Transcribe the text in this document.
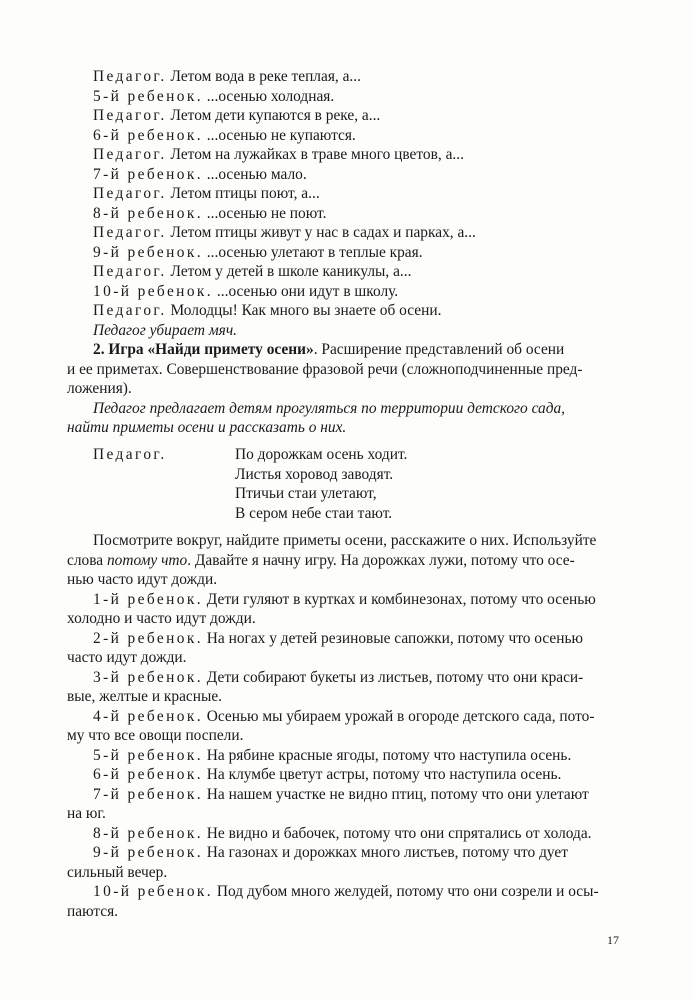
Педагог. Летом вода в реке теплая, а...
5-й ребенок. ...осенью холодная.
Педагог. Летом дети купаются в реке, а...
6-й ребенок. ...осенью не купаются.
Педагог. Летом на лужайках в траве много цветов, а...
7-й ребенок. ...осенью мало.
Педагог. Летом птицы поют, а...
8-й ребенок. ...осенью не поют.
Педагог. Летом птицы живут у нас в садах и парках, а...
9-й ребенок. ...осенью улетают в теплые края.
Педагог. Летом у детей в школе каникулы, а...
10-й ребенок. ...осенью они идут в школу.
Педагог. Молодцы! Как много вы знаете об осени.
Педагог убирает мяч.
2. Игра «Найди примету осени». Расширение представлений об осени
и ее приметах. Совершенствование фразовой речи (сложноподчиненные пред-
ложения).
Педагог предлагает детям прогуляться по территории детского сада,
найти приметы осени и рассказать о них.
Педагог.	По дорожкам осень ходит.
Листья хоровод заводят.
Птичьи стаи улетают,
В сером небе стаи тают.
Посмотрите вокруг, найдите приметы осени, расскажите о них. Используйте
слова потому что. Давайте я начну игру. На дорожках лужи, потому что осе-
нью часто идут дожди.
1-й ребенок. Дети гуляют в куртках и комбинезонах, потому что осенью
холодно и часто идут дожди.
2-й ребенок. На ногах у детей резиновые сапожки, потому что осенью
часто идут дожди.
3-й ребенок. Дети собирают букеты из листьев, потому что они краси-
вые, желтые и красные.
4-й ребенок. Осенью мы убираем урожай в огороде детского сада, пото-
му что все овощи поспели.
5-й ребенок. На рябине красные ягоды, потому что наступила осень.
6-й ребенок. На клумбе цветут астры, потому что наступила осень.
7-й ребенок. На нашем участке не видно птиц, потому что они улетают
на юг.
8-й ребенок. Не видно и бабочек, потому что они спрятались от холода.
9-й ребенок. На газонах и дорожках много листьев, потому что дует
сильный вечер.
10-й ребенок. Под дубом много желудей, потому что они созрели и осы-
паются.
17
